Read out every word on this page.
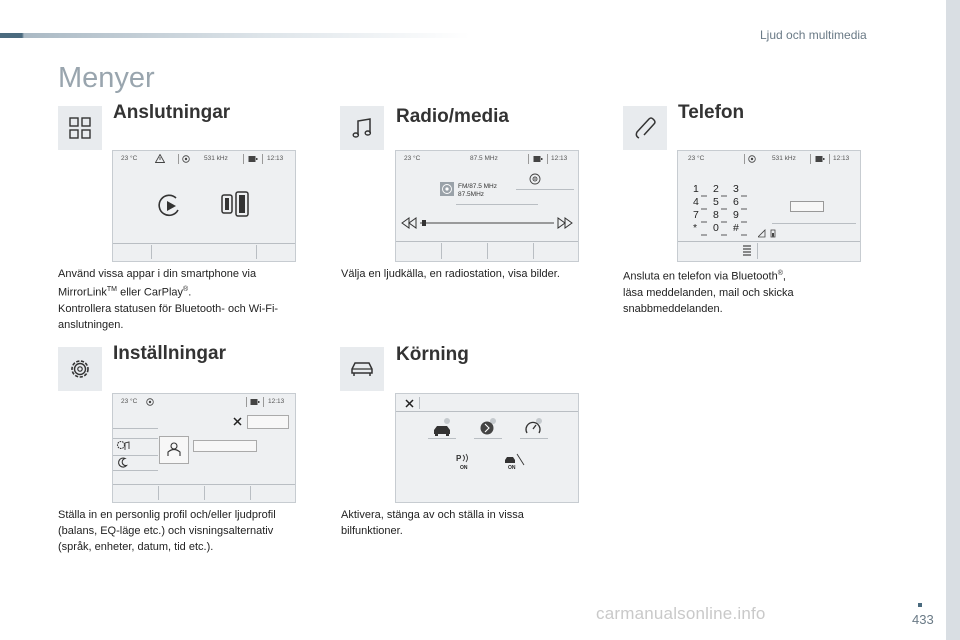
Ljud och multimedia
Menyer
Anslutningar
23 °C	531 kHz	12:13
Använd vissa appar i din smartphone via
MirrorLink™ eller CarPlay®.
Kontrollera statusen för Bluetooth- och Wi-Fi-
anslutningen.
Radio/media
23 °C	87.5 MHz	12:13
FM/87.5 MHz
87.5MHz
Välja en ljudkälla, en radiostation, visa bilder.
Telefon
23 °C	531 kHz	12:13
1	2	3
4	5	6
7	8	9
*	0	#
Ansluta en telefon via Bluetooth®,
läsa meddelanden, mail och skicka
snabbmeddelanden.
Inställningar
23 °C	12:13
Ställa in en personlig profil och/eller ljudprofil
(balans, EQ-läge etc.) och visningsalternativ
(språk, enheter, datum, tid etc.).
Körning
P
ON	ON
Aktivera, stänga av och ställa in vissa
bilfunktioner.
carmanualsonline.info	433
